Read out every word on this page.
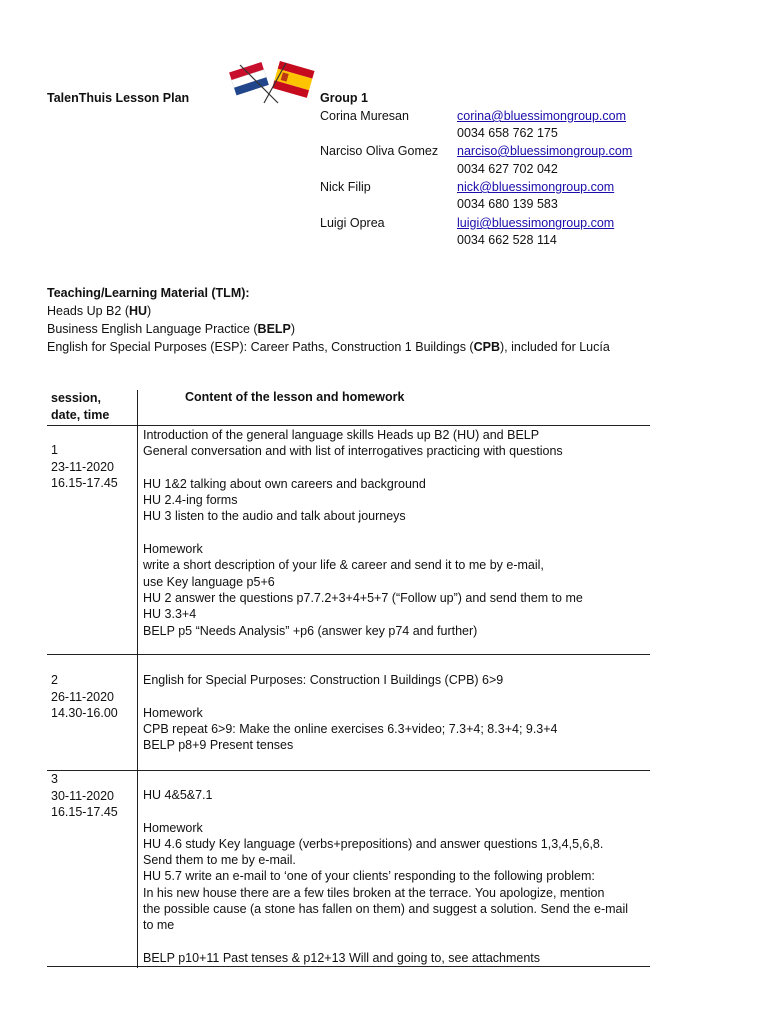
TalenThuis Lesson Plan	Group 1
Corina Muresan	corina@bluessimongroup.com
0034 658 762 175
Narciso Oliva Gomez narciso@bluessimongroup.com
0034 627 702 042
Nick Filip	nick@bluessimongroup.com
0034 680 139 583
Luigi Oprea	luigi@bluessimongroup.com
0034 662 528 114
Teaching/Learning Material (TLM):
Heads Up B2 (HU)
Business English Language Practice (BELP)
English for Special Purposes (ESP): Career Paths, Construction 1 Buildings (CPB), included for Lucía
session,
date, time
Content of the lesson and homework
1
23-11-2020
16.15-17.45
Introduction of the general language skills Heads up B2 (HU) and BELP
General conversation and with list of interrogatives practicing with questions
HU 1&2 talking about own careers and background
HU 2.4-ing forms
HU 3 listen to the audio and talk about journeys
Homework
write a short description of your life & career and send it to me by e-mail,
use Key language p5+6
HU 2 answer the questions p7.7.2+3+4+5+7 (“Follow up”) and send them to me
HU 3.3+4
BELP p5 “Needs Analysis” +p6 (answer key p74 and further)
2
26-11-2020
14.30-16.00
English for Special Purposes: Construction I Buildings (CPB) 6>9
Homework
CPB repeat 6>9: Make the online exercises 6.3+video; 7.3+4; 8.3+4; 9.3+4
BELP p8+9 Present tenses
3
30-11-2020
16.15-17.45
HU 4&5&7.1
Homework
HU 4.6 study Key language (verbs+prepositions) and answer questions 1,3,4,5,6,8.
Send them to me by e-mail.
HU 5.7 write an e-mail to ‘one of your clients’ responding to the following problem:
In his new house there are a few tiles broken at the terrace. You apologize, mention
the possible cause (a stone has fallen on them) and suggest a solution. Send the e-mail
to me
BELP p10+11 Past tenses & p12+13 Will and going to, see attachments
